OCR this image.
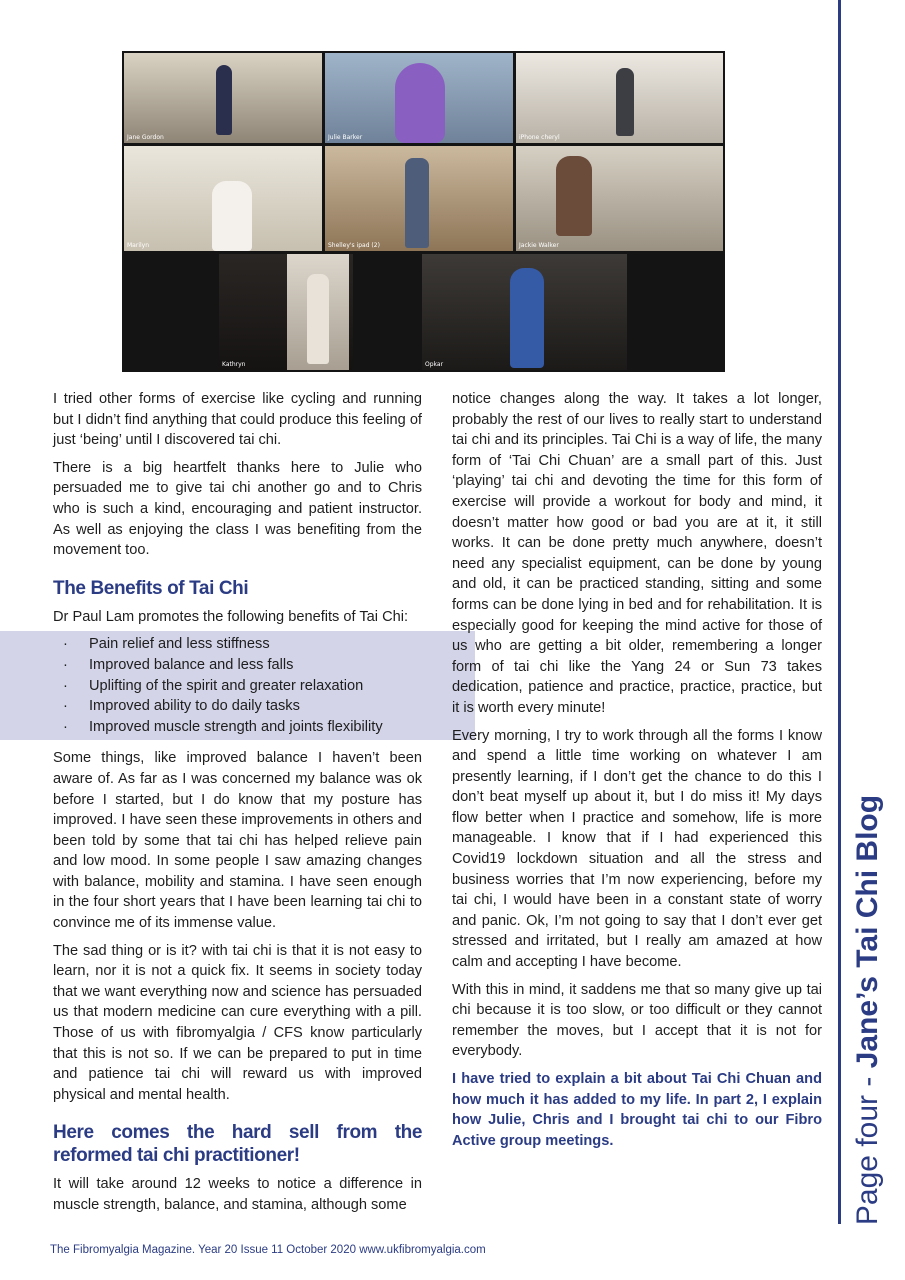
Jane Gordon	Julie Barker	iPhone cheryl
Marilyn	Shelley's ipad (2)	Jackie Walker
Kathryn	Opkar

I tried other forms of exercise like cycling and running but I didn’t find anything that could produce this feeling of just ‘being’ until I discovered tai chi.

There is a big heartfelt thanks here to Julie who persuaded me to give tai chi another go and to Chris who is such a kind, encouraging and patient instructor. As well as enjoying the class I was benefiting from the movement too.

The Benefits of Tai Chi

Dr Paul Lam promotes the following benefits of Tai Chi:

· Pain relief and less stiffness
· Improved balance and less falls
· Uplifting of the spirit and greater relaxation
· Improved ability to do daily tasks
· Improved muscle strength and joints flexibility

Some things, like improved balance I haven’t been aware of. As far as I was concerned my balance was ok before I started, but I do know that my posture has improved. I have seen these improvements in others and been told by some that tai chi has helped relieve pain and low mood. In some people I saw amazing changes with balance, mobility and stamina. I have seen enough in the four short years that I have been learning tai chi to convince me of its immense value.

The sad thing or is it? with tai chi is that it is not easy to learn, nor it is not a quick fix. It seems in society today that we want everything now and science has persuaded us that modern medicine can cure everything with a pill. Those of us with fibromyalgia / CFS know particularly that this is not so. If we can be prepared to put in time and patience tai chi will reward us with improved physical and mental health.

Here comes the hard sell from the reformed tai chi practitioner!

It will take around 12 weeks to notice a difference in muscle strength, balance, and stamina, although some

notice changes along the way. It takes a lot longer, probably the rest of our lives to really start to understand tai chi and its principles. Tai Chi is a way of life, the many form of ‘Tai Chi Chuan’ are a small part of this. Just ‘playing’ tai chi and devoting the time for this form of exercise will provide a workout for body and mind, it doesn’t matter how good or bad you are at it, it still works. It can be done pretty much anywhere, doesn’t need any specialist equipment, can be done by young and old, it can be practiced standing, sitting and some forms can be done lying in bed and for rehabilitation. It is especially good for keeping the mind active for those of us who are getting a bit older, remembering a longer form of tai chi like the Yang 24 or Sun 73 takes dedication, patience and practice, practice, practice, but it is worth every minute!

Every morning, I try to work through all the forms I know and spend a little time working on whatever I am presently learning, if I don’t get the chance to do this I don’t beat myself up about it, but I do miss it! My days flow better when I practice and somehow, life is more manageable. I know that if I had experienced this Covid19 lockdown situation and all the stress and business worries that I’m now experiencing, before my tai chi, I would have been in a constant state of worry and panic. Ok, I’m not going to say that I don’t ever get stressed and irritated, but I really am amazed at how calm and accepting I have become.

With this in mind, it saddens me that so many give up tai chi because it is too slow, or too difficult or they cannot remember the moves, but I accept that it is not for everybody.

I have tried to explain a bit about Tai Chi Chuan and how much it has added to my life. In part 2, I explain how Julie, Chris and I brought tai chi to our Fibro Active group meetings.	Page four - Jane’s Tai Chi Blog
The Fibromyalgia Magazine. Year 20 Issue 11 October 2020 www.ukfibromyalgia.com
